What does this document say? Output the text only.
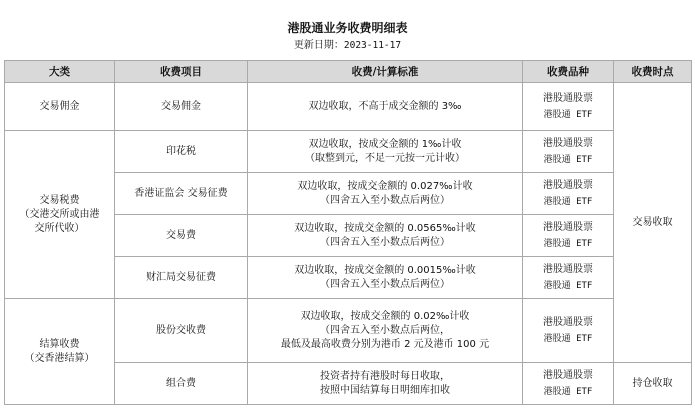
港股通业务收费明细表
更新日期：2023-11-17
大类	收费项目	收费/计算标准	收费品种	收费时点
交易佣金	交易佣金	双边收取，不高于成交金额的 3‰	港股通股票
港股通 ETF	交易收取

交易税费
（交港交所或由港
交所代收）	印花税	双边收取，按成交金额的 1‰计收
（取整到元，不足一元按一元计收）	港股通股票
港股通 ETF	

	香港证监会 交易征费	双边收取，按成交金额的 0.027‰计收
（四舍五入至小数点后两位）	港股通股票
港股通 ETF	

	交易费	双边收取，按成交金额的 0.0565‰计收
（四舍五入至小数点后两位）	港股通股票
港股通 ETF	

	财汇局交易征费	双边收取，按成交金额的 0.0015‰计收
（四舍五入至小数点后两位）	港股通股票
港股通 ETF	

结算收费
（交香港结算）	股份交收费	双边收取，按成交金额的 0.02‰计收
（四舍五入至小数点后两位，
最低及最高收费分别为港币 2 元及港币 100 元	港股通股票
港股通 ETF	

	组合费	投资者持有港股时每日收取，
按照中国结算每日明细库扣收	港股通股票
港股通 ETF	持仓收取
